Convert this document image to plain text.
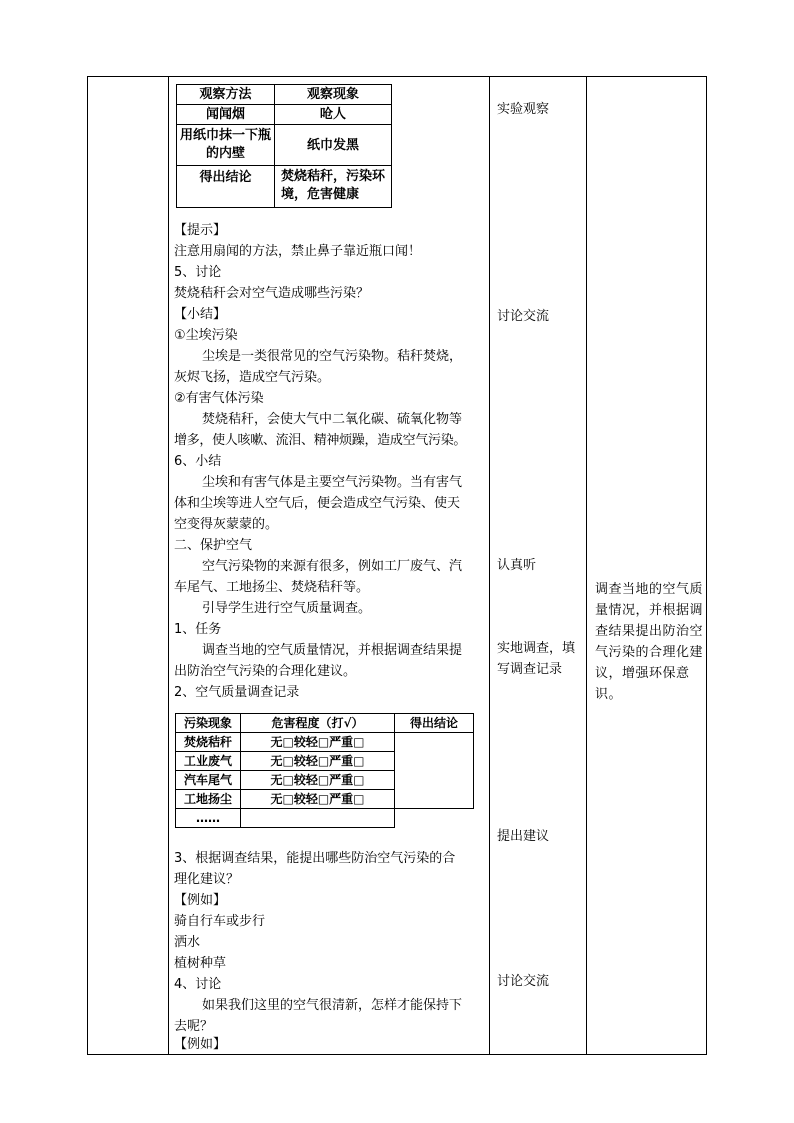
观察方法	观察现象
闻闻烟	呛人
用纸巾抹一下瓶的内壁	纸巾发黑
得出结论	焚烧秸秆，污染环境，危害健康
【提示】
注意用扇闻的方法，禁止鼻子靠近瓶口闻！
5、讨论
焚烧秸秆会对空气造成哪些污染？
【小结】
①尘埃污染
尘埃是一类很常见的空气污染物。秸秆焚烧，
灰烬飞扬，造成空气污染。
②有害气体污染
焚烧秸秆，会使大气中二氧化碳、硫氧化物等
增多，使人咳嗽、流泪、精神烦躁，造成空气污染。
6、小结
尘埃和有害气体是主要空气污染物。当有害气
体和尘埃等进人空气后，便会造成空气污染、使天
空变得灰蒙蒙的。
二、保护空气
空气污染物的来源有很多，例如工厂废气、汽
车尾气、工地扬尘、焚烧秸秆等。
引导学生进行空气质量调查。
1、任务
调查当地的空气质量情况，并根据调查结果提
出防治空气污染的合理化建议。
2、空气质量调查记录
污染现象	危害程度（打√）	得出结论
焚烧秸秆	无□较轻□严重□	
工业废气	无□较轻□严重□	
汽车尾气	无□较轻□严重□	
工地扬尘	无□较轻□严重□	
……		
3、根据调查结果，能提出哪些防治空气污染的合
理化建议？
【例如】
骑自行车或步行
洒水
植树种草
4、讨论
如果我们这里的空气很清新，怎样才能保持下
去呢？
【例如】
实验观察
讨论交流
认真听
实地调查，填
写调查记录
提出建议
讨论交流
调查当地的空气质量情况，并根据调查结果提出防治空气污染的合理化建议，增强环保意识。
